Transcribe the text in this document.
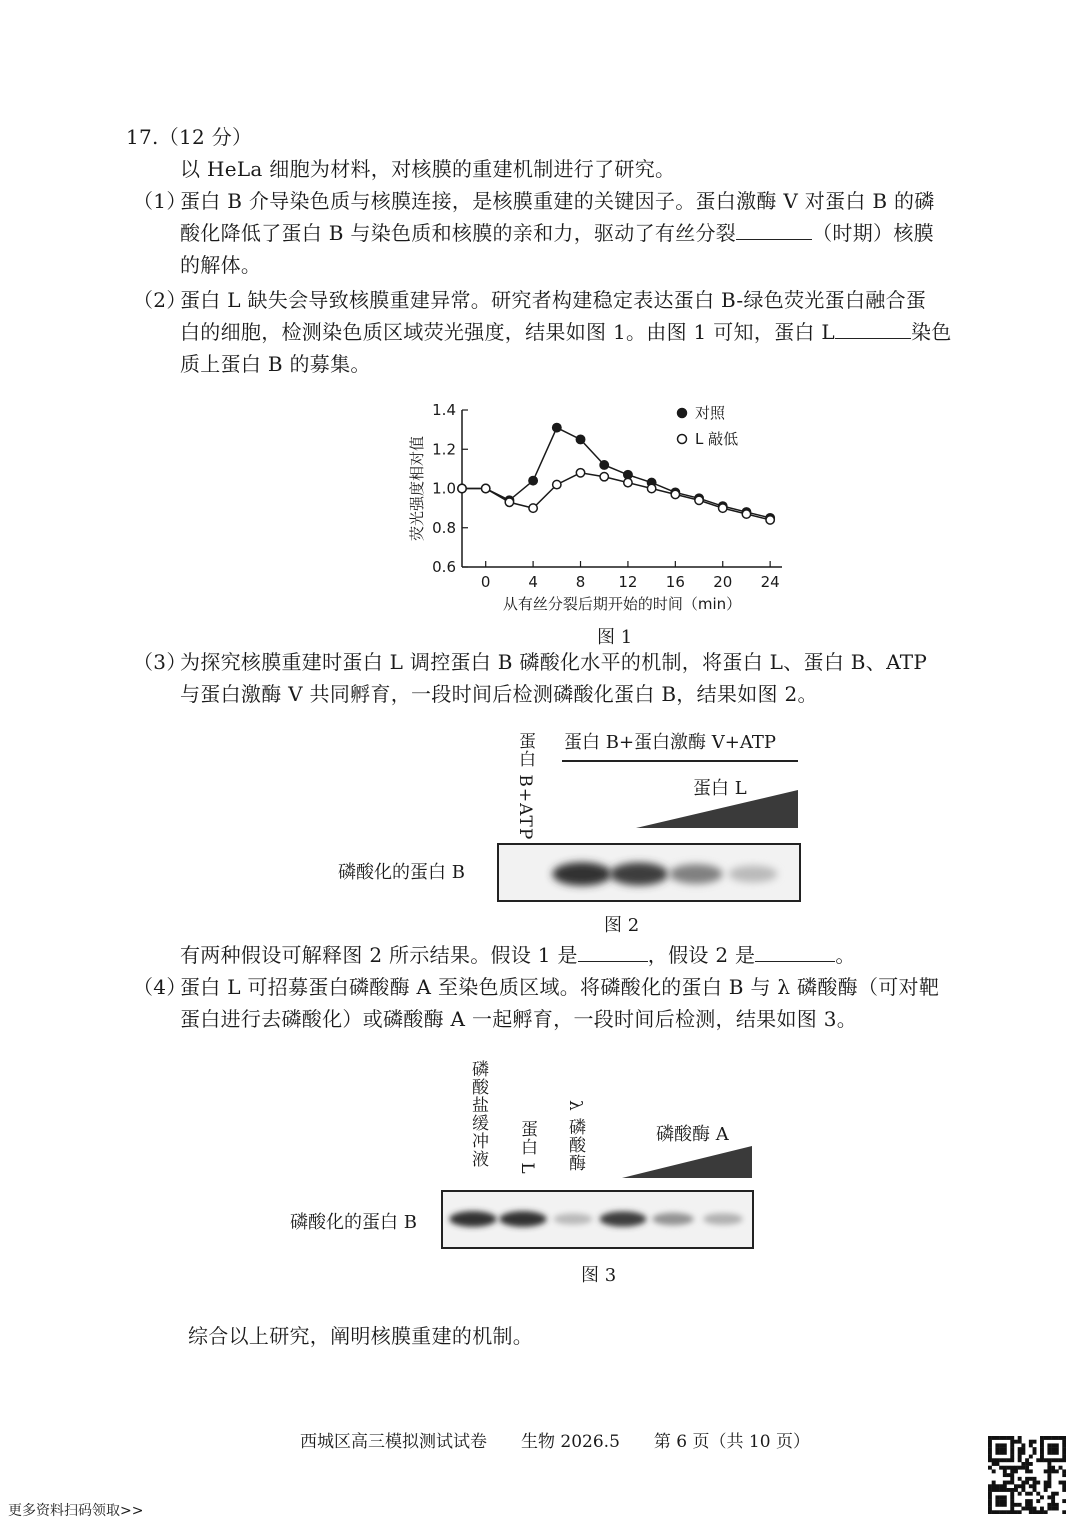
17.（12 分）
以 HeLa 细胞为材料，对核膜的重建机制进行了研究。
（1）
蛋白 B 介导染色质与核膜连接，是核膜重建的关键因子。蛋白激酶 V 对蛋白 B 的磷
酸化降低了蛋白 B 与染色质和核膜的亲和力，驱动了有丝分裂	（时期）核膜
的解体。
（2）
蛋白 L 缺失会导致核膜重建异常。研究者构建稳定表达蛋白 B-绿色荧光蛋白融合蛋
白的细胞，检测染色质区域荧光强度，结果如图 1。由图 1 可知，蛋白 L	染色
质上蛋白 B 的募集。
0.6
0.8
1.0
1.2
1.4
0	4	8 12 16 20 24
从有丝分裂后期开始的时间（min）
荧光强度相对值
对照
L 敲低
图 1
（3）
为探究核膜重建时蛋白 L 调控蛋白 B 磷酸化水平的机制，将蛋白 L、蛋白 B、ATP
与蛋白激酶 V 共同孵育，一段时间后检测磷酸化蛋白 B，结果如图 2。
蛋白 B+ATP 蛋白 B+蛋白激酶 V+ATP
蛋白 L
磷酸化的蛋白 B
图 2
有两种假设可解释图 2 所示结果。假设 1 是	，假设 2 是	。
（4）
蛋白 L 可招募蛋白磷酸酶 A 至染色质区域。将磷酸化的蛋白 B 与 λ 磷酸酶（可对靶
蛋白进行去磷酸化）或磷酸酶 A 一起孵育，一段时间后检测，结果如图 3。
磷酸盐缓冲液 蛋白 L λ 磷酸酶	磷酸酶 A
磷酸化的蛋白 B
图 3
综合以上研究，阐明核膜重建的机制。
西城区高三模拟测试试卷　　生物 2026.5　　第 6 页（共 10 页）
更多资料扫码领取>>
